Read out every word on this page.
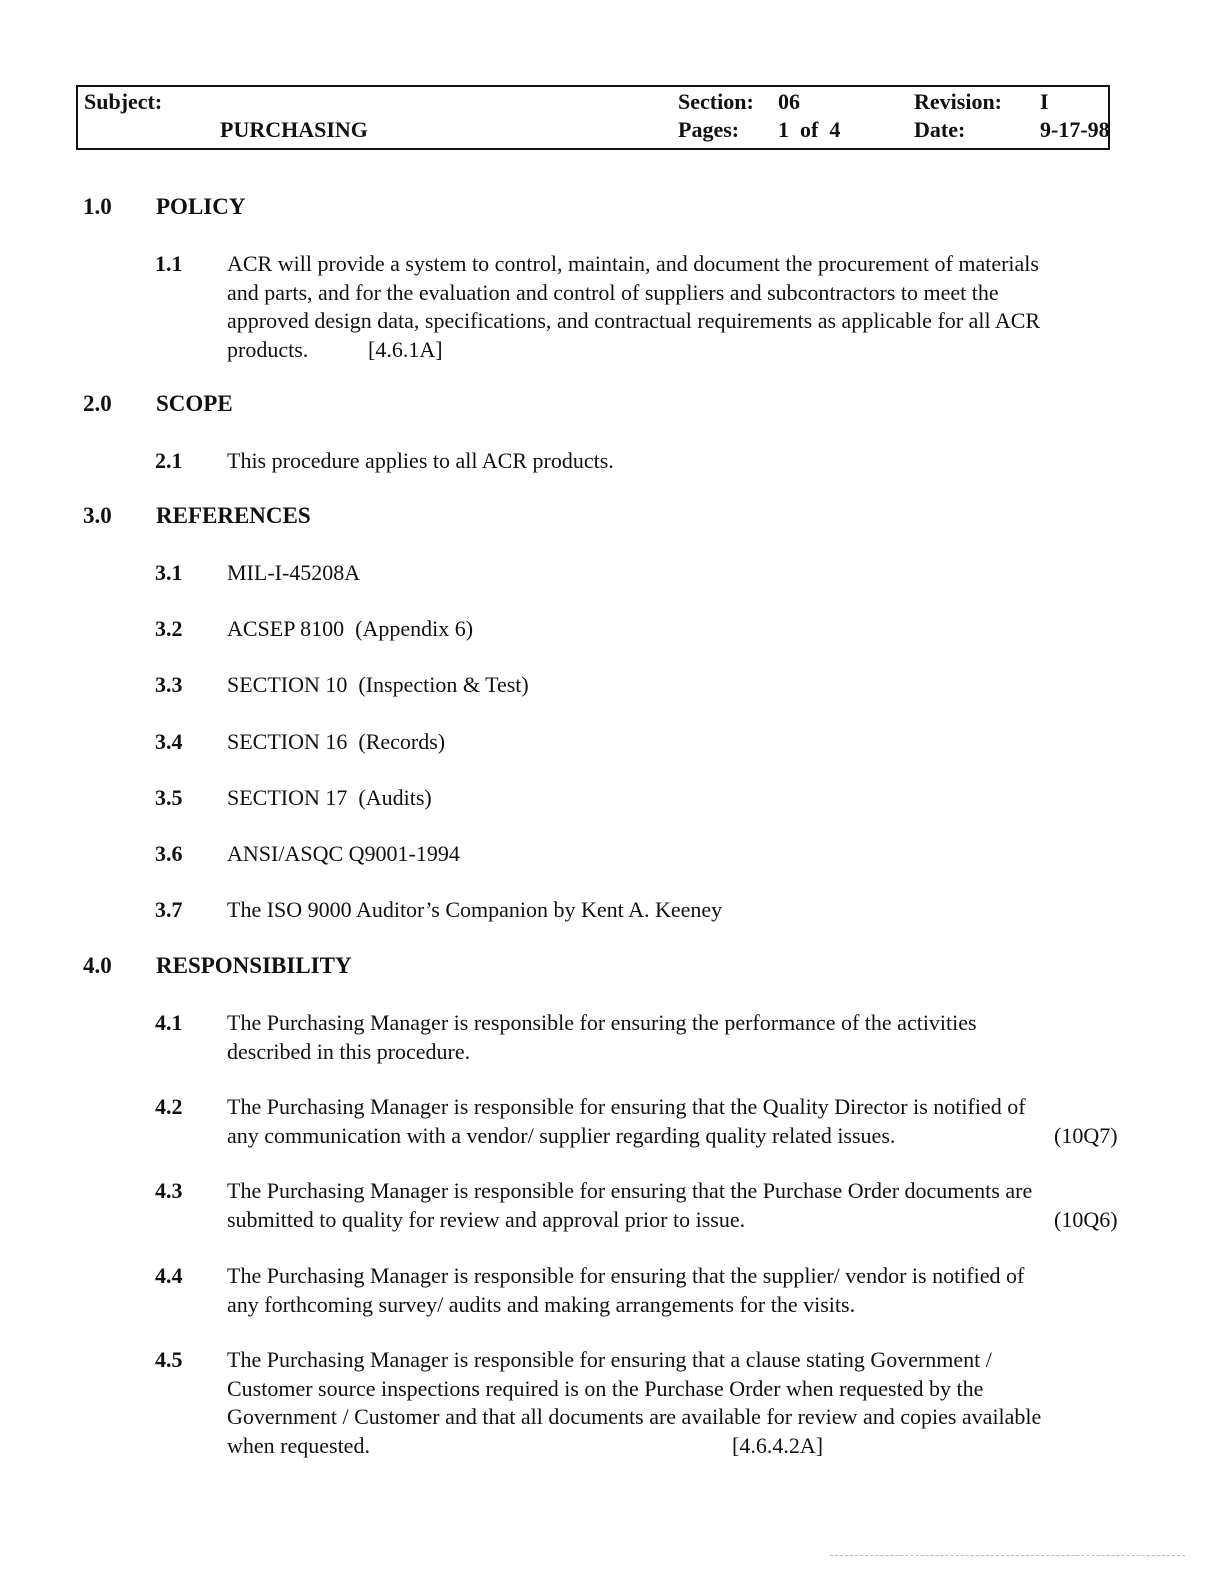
Subject:
PURCHASING
Section: 06
Pages: 1  of  4
Revision: I
Date:	9-17-98
1.0 POLICY
1.1 ACR will provide a system to control, maintain, and document the procurement of materials
and parts, and for the evaluation and control of suppliers and subcontractors to meet the
approved design data, specifications, and contractual requirements as applicable for all ACR
products.	[4.6.1A]
2.0 SCOPE
2.1 This procedure applies to all ACR products.
3.0 REFERENCES
3.1 MIL-I-45208A
3.2 ACSEP 8100  (Appendix 6)
3.3 SECTION 10  (Inspection & Test)
3.4 SECTION 16  (Records)
3.5 SECTION 17  (Audits)
3.6 ANSI/ASQC Q9001-1994
3.7 The ISO 9000 Auditor’s Companion by Kent A. Keeney
4.0 RESPONSIBILITY
4.1 The Purchasing Manager is responsible for ensuring the performance of the activities
described in this procedure.
4.2 The Purchasing Manager is responsible for ensuring that the Quality Director is notified of
any communication with a vendor/ supplier regarding quality related issues.	(10Q7)
4.3 The Purchasing Manager is responsible for ensuring that the Purchase Order documents are
submitted to quality for review and approval prior to issue.	(10Q6)
4.4 The Purchasing Manager is responsible for ensuring that the supplier/ vendor is notified of
any forthcoming survey/ audits and making arrangements for the visits.
4.5 The Purchasing Manager is responsible for ensuring that a clause stating Government /
Customer source inspections required is on the Purchase Order when requested by the
Government / Customer and that all documents are available for review and copies available
when requested.	[4.6.4.2A]
